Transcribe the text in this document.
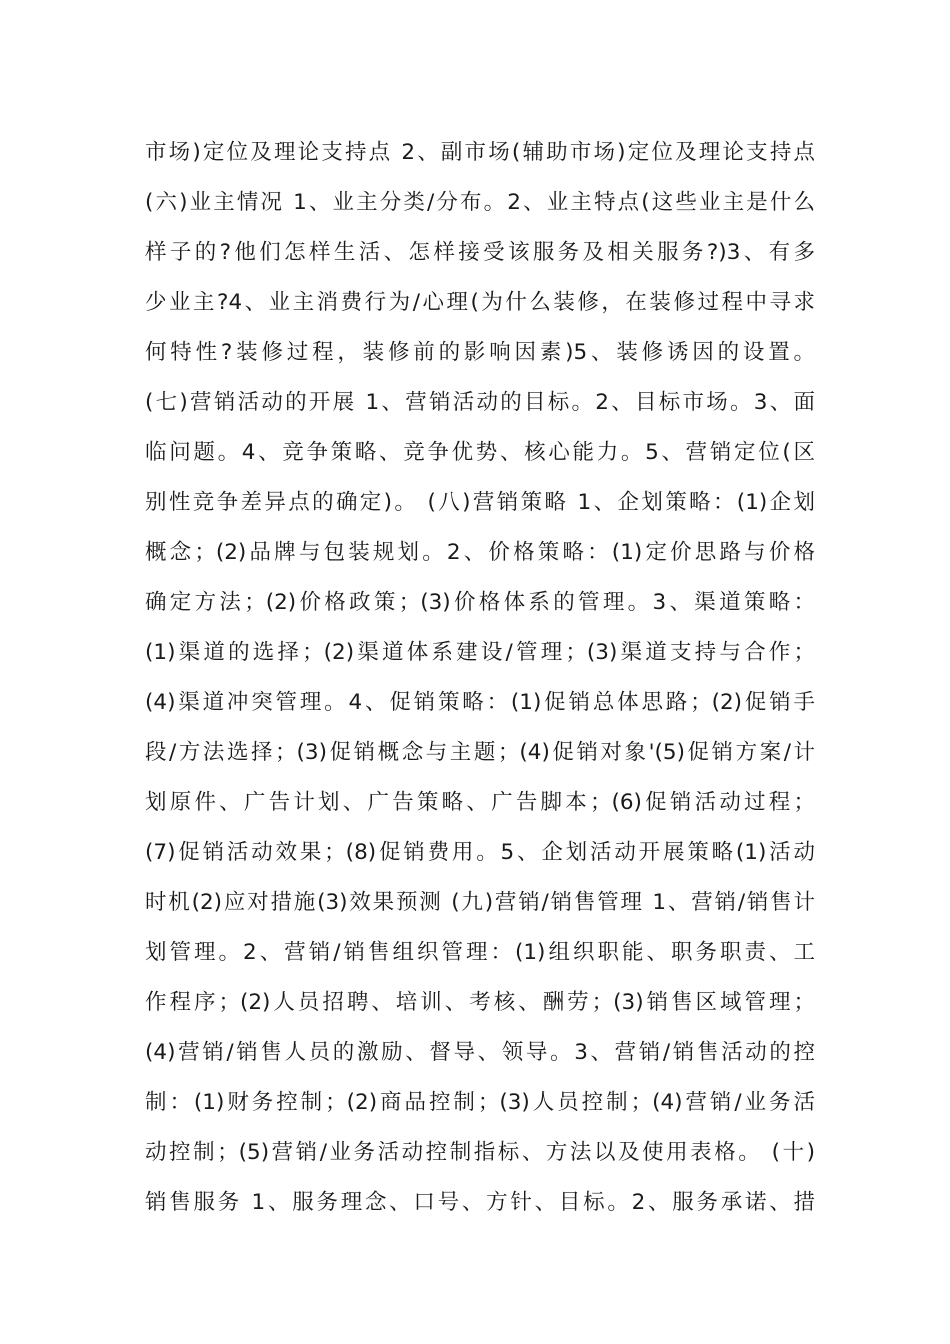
市场)定位及理论支持点 2、副市场(辅助市场)定位及理论支持点
(六)业主情况 1、业主分类/分布。2、业主特点(这些业主是什么
样子的?他们怎样生活、怎样接受该服务及相关服务?)3、有多
少业主?4、业主消费行为/心理(为什么装修，在装修过程中寻求
何特性?装修过程，装修前的影响因素)5、装修诱因的设置。
(七)营销活动的开展 1、营销活动的目标。2、目标市场。3、面
临问题。4、竞争策略、竞争优势、核心能力。5、营销定位(区
别性竞争差异点的确定)。 (八)营销策略 1、企划策略：(1)企划
概念；(2)品牌与包装规划。2、价格策略：(1)定价思路与价格
确定方法；(2)价格政策；(3)价格体系的管理。3、渠道策略：
(1)渠道的选择；(2)渠道体系建设/管理；(3)渠道支持与合作；
(4)渠道冲突管理。4、促销策略：(1)促销总体思路；(2)促销手
段/方法选择；(3)促销概念与主题；(4)促销对象'(5)促销方案/计
划原件、广告计划、广告策略、广告脚本；(6)促销活动过程；
(7)促销活动效果；(8)促销费用。5、企划活动开展策略(1)活动
时机(2)应对措施(3)效果预测 (九)营销/销售管理 1、营销/销售计
划管理。2、营销/销售组织管理：(1)组织职能、职务职责、工
作程序；(2)人员招聘、培训、考核、酬劳；(3)销售区域管理；
(4)营销/销售人员的激励、督导、领导。3、营销/销售活动的控
制：(1)财务控制；(2)商品控制；(3)人员控制；(4)营销/业务活
动控制；(5)营销/业务活动控制指标、方法以及使用表格。 (十)
销售服务 1、服务理念、口号、方针、目标。2、服务承诺、措
